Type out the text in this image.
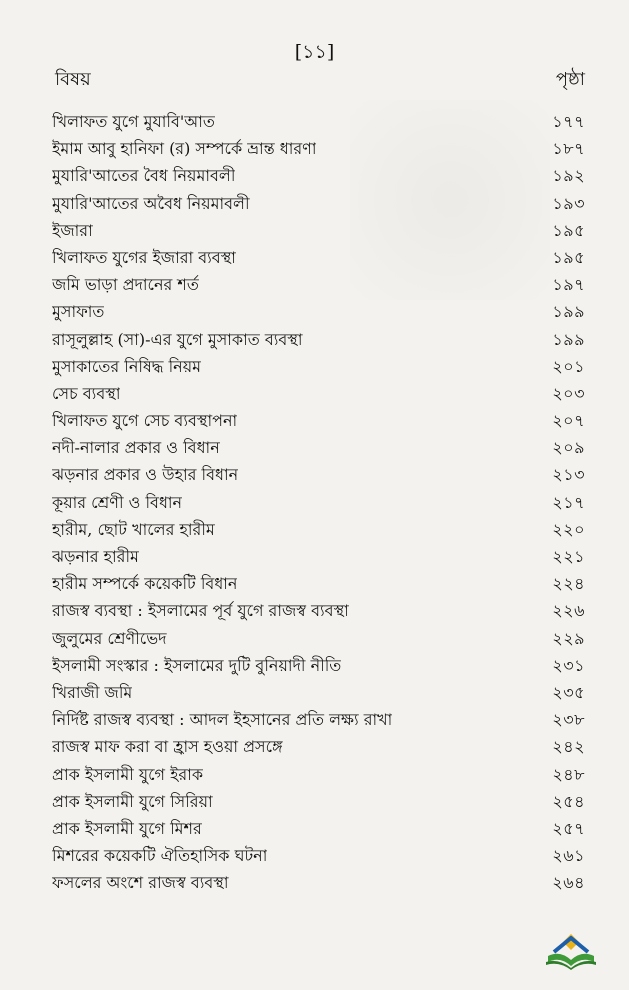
[১১]
বিষয়	পৃষ্ঠা
খিলাফত যুগে মুযাবি'আত	১৭৭
ইমাম আবু হানিফা (র) সম্পর্কে ভ্রান্ত ধারণা	১৮৭
মুযারি'আতের বৈধ নিয়মাবলী	১৯২
মুযারি'আতের অবৈধ নিয়মাবলী	১৯৩
ইজারা	১৯৫
খিলাফত যুগের ইজারা ব্যবস্থা	১৯৫
জমি ভাড়া প্রদানের শর্ত	১৯৭
মুসাফাত	১৯৯
রাসূলুল্লাহ (সা)-এর যুগে মুসাকাত ব্যবস্থা	১৯৯
মুসাকাতের নিষিদ্ধ নিয়ম	২০১
সেচ ব্যবস্থা	২০৩
খিলাফত যুগে সেচ ব্যবস্থাপনা	২০৭
নদী-নালার প্রকার ও বিধান	২০৯
ঝড়নার প্রকার ও উহার বিধান	২১৩
কূয়ার শ্রেণী ও বিধান	২১৭
হারীম, ছোট খালের হারীম	২২০
ঝড়নার হারীম	২২১
হারীম সম্পর্কে কয়েকটি বিধান	২২৪
রাজস্ব ব্যবস্থা : ইসলামের পূর্ব যুগে রাজস্ব ব্যবস্থা	২২৬
জুলুমের শ্রেণীভেদ	২২৯
ইসলামী সংস্কার : ইসলামের দুটি বুনিয়াদী নীতি	২৩১
খিরাজী জমি	২৩৫
নির্দিষ্ট রাজস্ব ব্যবস্থা : আদল ইহসানের প্রতি লক্ষ্য রাখা	২৩৮
রাজস্ব মাফ করা বা হ্রাস হওয়া প্রসঙ্গে	২৪২
প্রাক ইসলামী যুগে ইরাক	২৪৮
প্রাক ইসলামী যুগে সিরিয়া	২৫৪
প্রাক ইসলামী যুগে মিশর	২৫৭
মিশরের কয়েকটি ঐতিহাসিক ঘটনা	২৬১
ফসলের অংশে রাজস্ব ব্যবস্থা	২৬৪
